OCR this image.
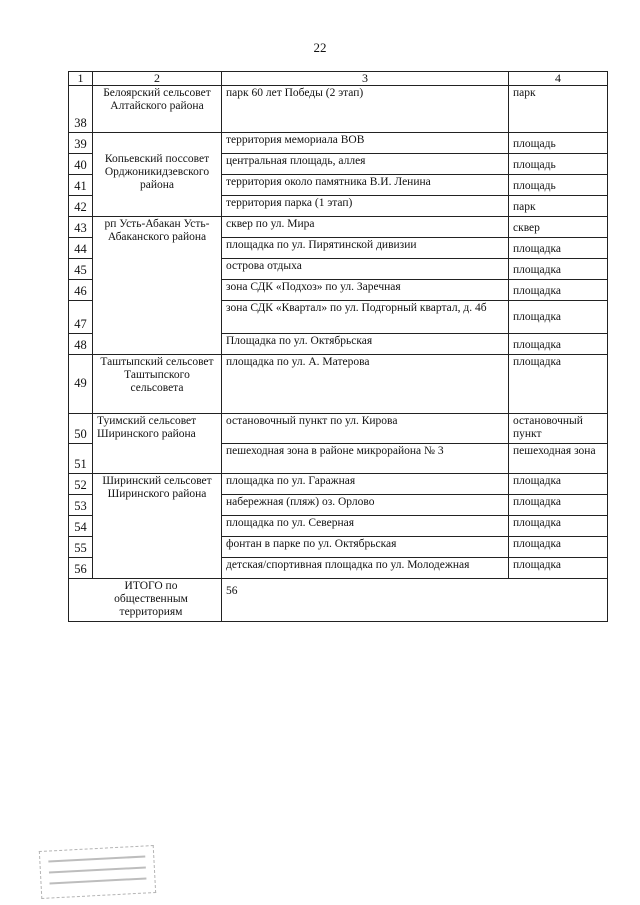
22
1	2	3	4
38	Белоярский сельсовет Алтайского района	парк 60 лет Победы (2 этап)	парк
39	Копьевский поссовет Орджоникидзевского района	территория мемориала ВОВ	площадь
40		центральная площадь, аллея	площадь
41		территория около памятника В.И. Ленина	площадь
42		территория парка (1 этап)	парк
43	рп Усть-Абакан Усть-Абаканского района	сквер по ул. Мира	сквер
44		площадка по ул. Пирятинской дивизии	площадка
45		острова отдыха	площадка
46		зона СДК «Подхоз» по ул. Заречная	площадка
47		зона СДК «Квартал» по ул. Подгорный квартал, д. 4б	площадка
48		Площадка по ул. Октябрьская	площадка
49	Таштыпский сельсовет Таштыпского сельсовета	площадка по ул. А. Матерова	площадка
50	Туимский сельсовет Ширинского района	остановочный пункт по ул. Кирова	остановочный пункт
51		пешеходная зона в районе микрорайона № 3	пешеходная зона
52	Ширинский сельсовет Ширинского района	площадка по ул. Гаражная	площадка
53		набережная (пляж) оз. Орлово	площадка
54		площадка по ул. Северная	площадка
55		фонтан в парке по ул. Октябрьская	площадка
56		детская/спортивная площадка по ул. Молодежная	площадка
ИТОГО по общественным территориям		56	
